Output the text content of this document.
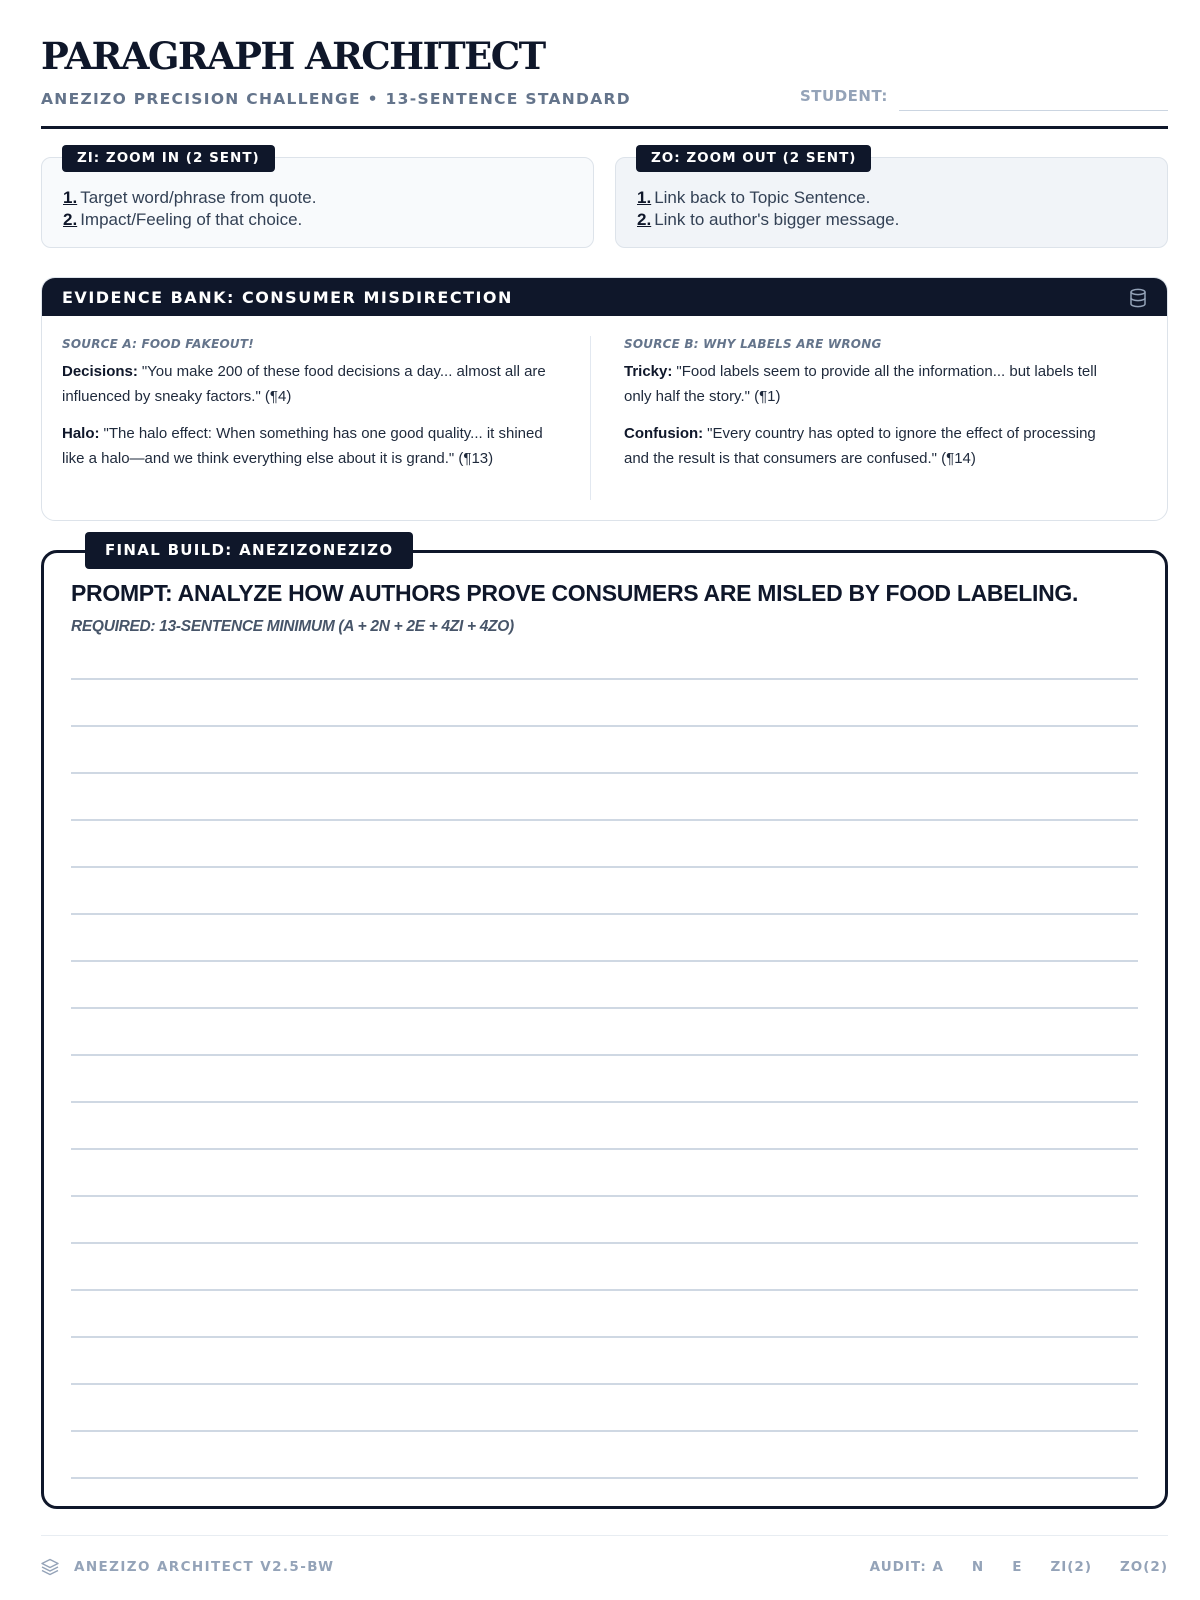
PARAGRAPH ARCHITECT
ANEZIZO PRECISION CHALLENGE • 13-SENTENCE STANDARD	STUDENT:
ZI: ZOOM IN (2 SENT)
1. Target word/phrase from quote.
2. Impact/Feeling of that choice.
ZO: ZOOM OUT (2 SENT)
1. Link back to Topic Sentence.
2. Link to author's bigger message.
EVIDENCE BANK: CONSUMER MISDIRECTION
SOURCE A: FOOD FAKEOUT!
Decisions: "You make 200 of these food decisions a day... almost all are influenced by sneaky factors." (¶4)
Halo: "The halo effect: When something has one good quality... it shined like a halo—and we think everything else about it is grand." (¶13)
SOURCE B: WHY LABELS ARE WRONG
Tricky: "Food labels seem to provide all the information... but labels tell only half the story." (¶1)
Confusion: "Every country has opted to ignore the effect of processing and the result is that consumers are confused." (¶14)
FINAL BUILD: ANEZIZONEZIZO
PROMPT: ANALYZE HOW AUTHORS PROVE CONSUMERS ARE MISLED BY FOOD LABELING.
REQUIRED: 13-SENTENCE MINIMUM (A + 2N + 2E + 4ZI + 4ZO)
ANEZIZO ARCHITECT V2.5-BW	AUDIT: A N E ZI(2) ZO(2)
